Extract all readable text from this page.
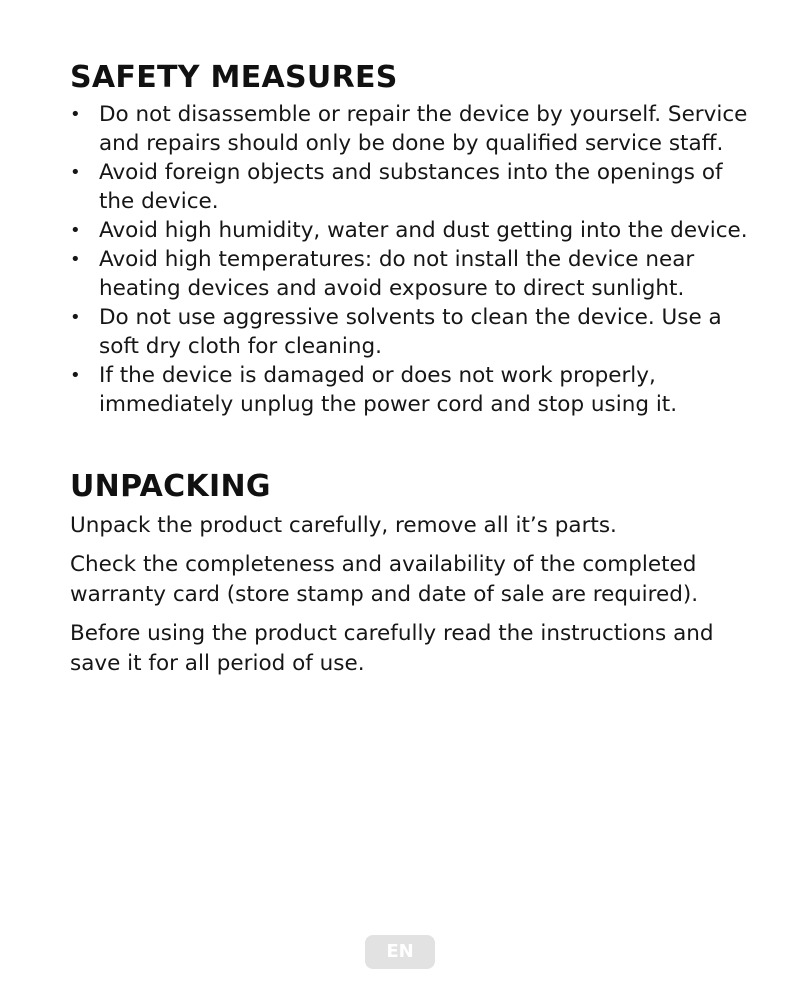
SAFETY MEASURES
• Do not disassemble or repair the device by yourself. Service and repairs should only be done by qualified service staff.
• Avoid foreign objects and substances into the openings of the device.
• Avoid high humidity, water and dust getting into the device.
• Avoid high temperatures: do not install the device near heating devices and avoid exposure to direct sunlight.
• Do not use aggressive solvents to clean the device. Use a soft dry cloth for cleaning.
• If the device is damaged or does not work properly, immediately unplug the power cord and stop using it.
UNPACKING

Unpack the product carefully, remove all it’s parts.

Check the completeness and availability of the completed warranty card (store stamp and date of sale are required).

Before using the product carefully read the instructions and save it for all period of use.

EN
